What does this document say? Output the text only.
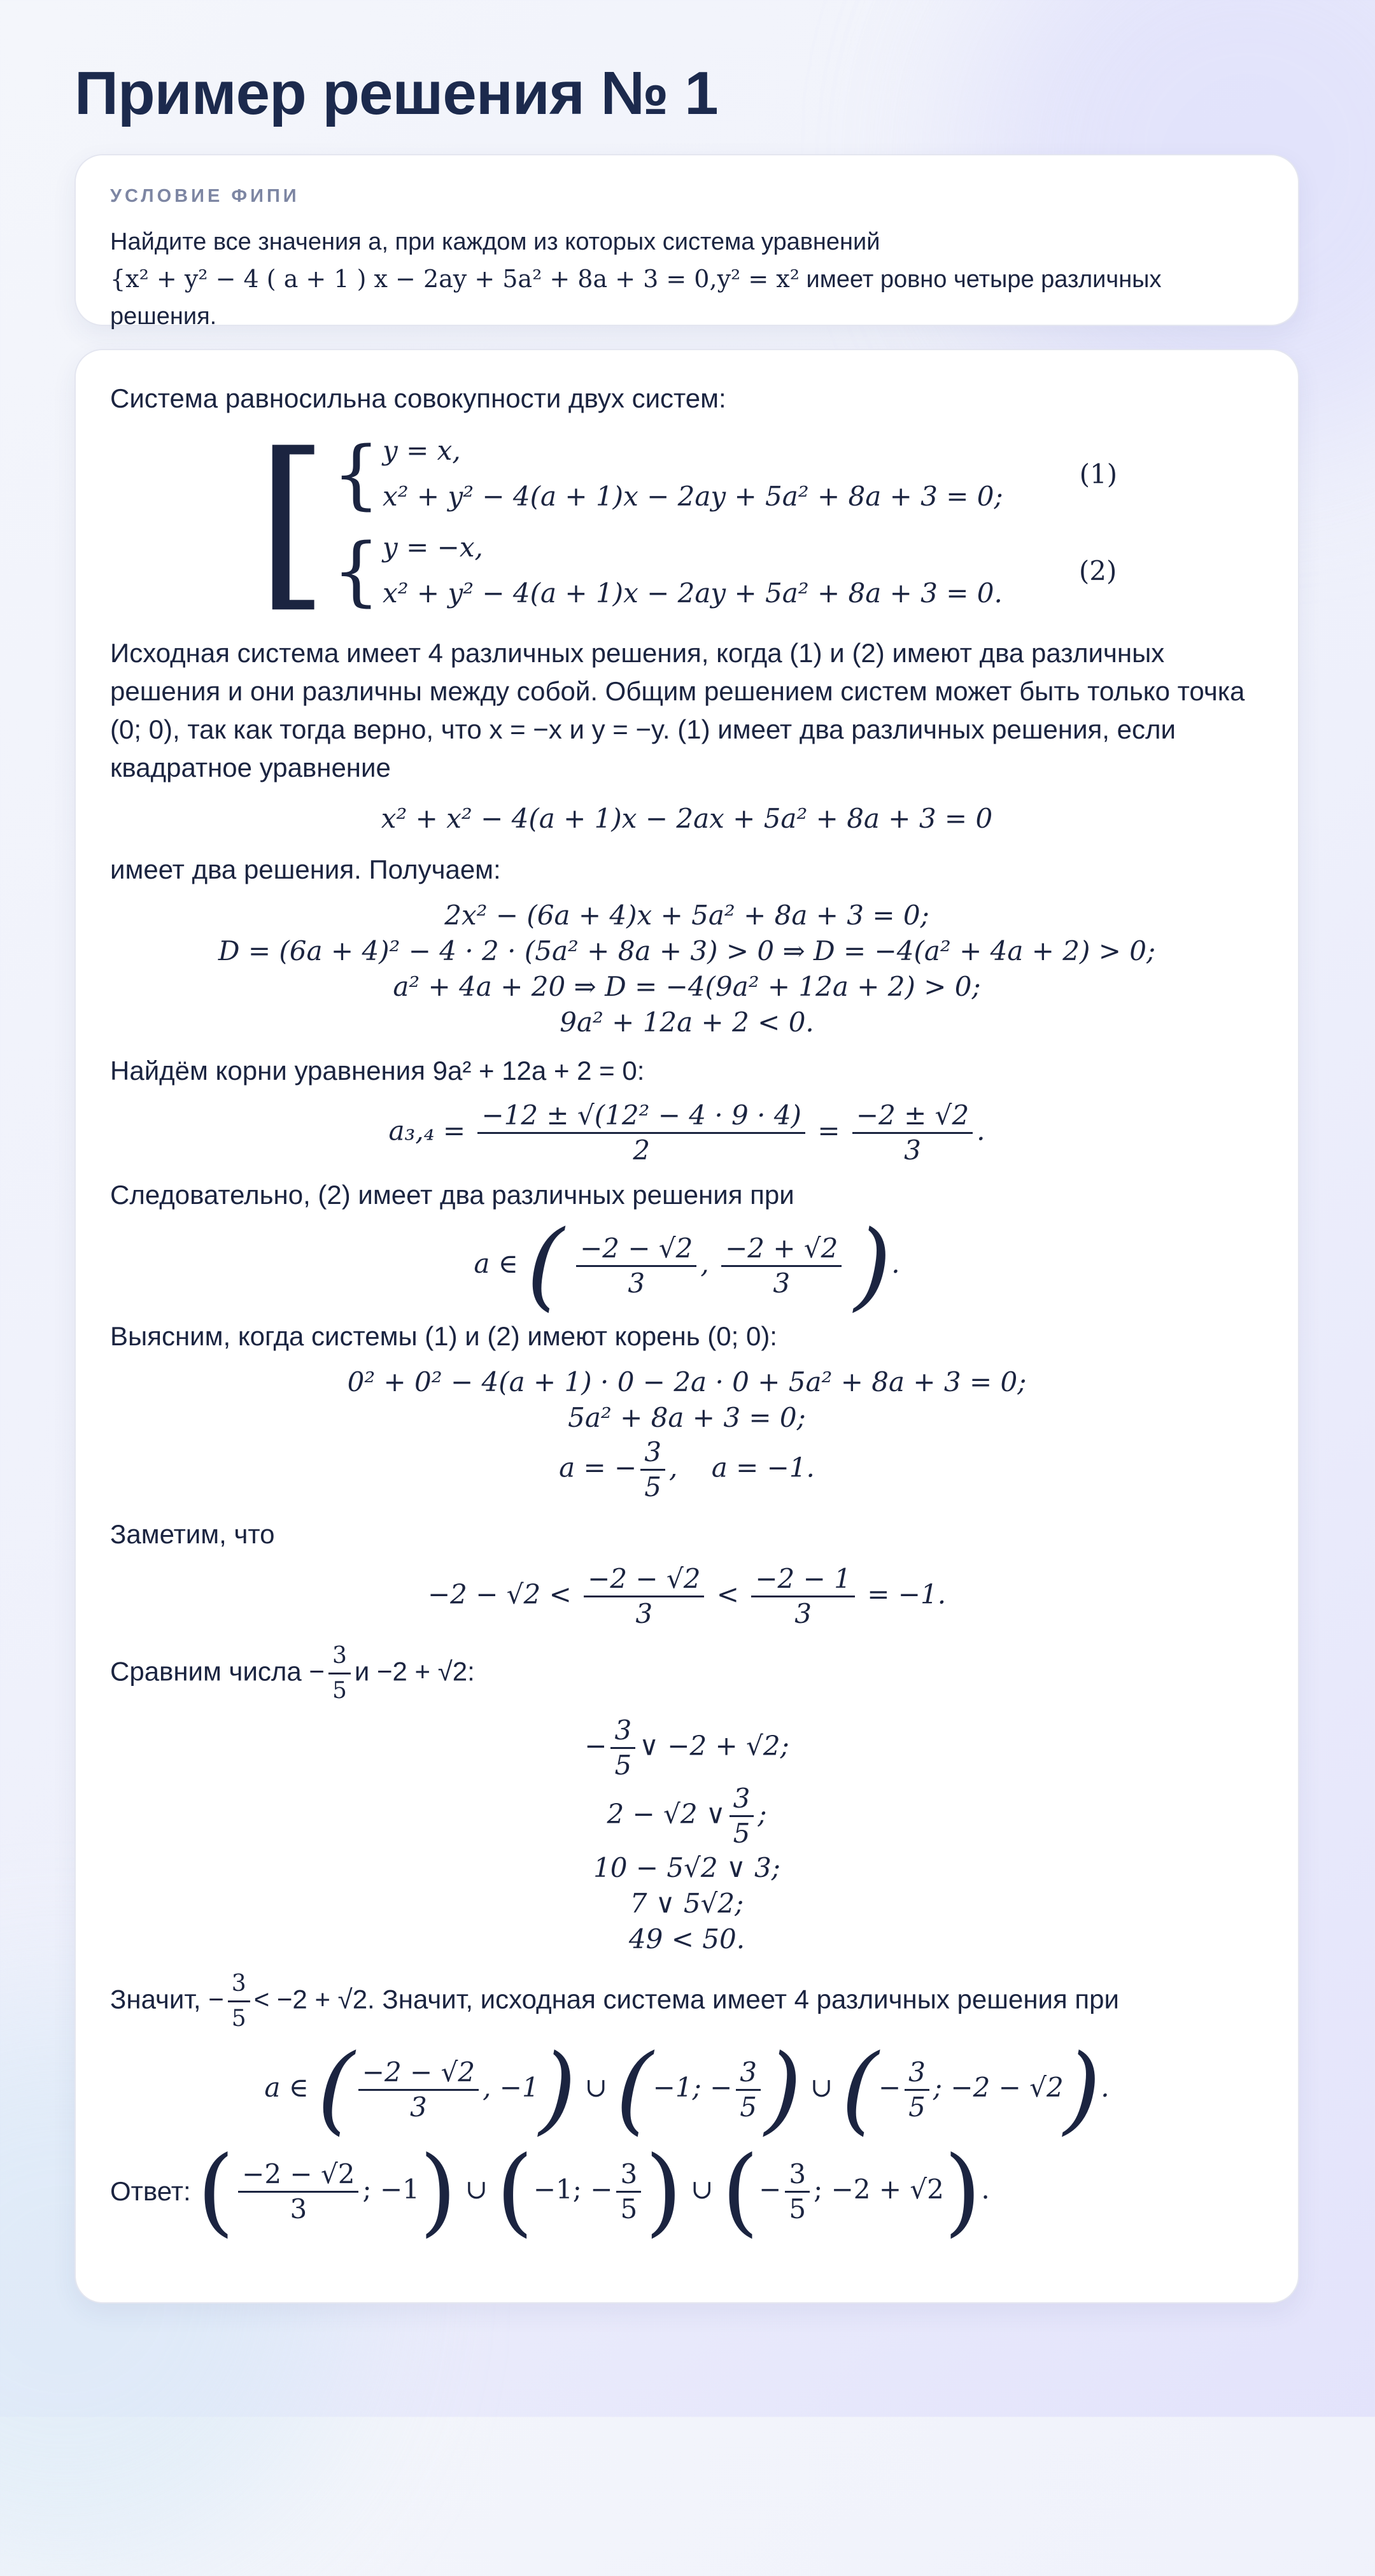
Пример решения № 1
УСЛОВИЕ ФИПИ
Найдите все значения a, при каждом из которых система уравнений
{x² + y² − 4 ( a + 1 ) x − 2ay + 5a² + 8a + 3 = 0,y² = x² имеет ровно четыре различных решения.
Система равносильна совокупности двух систем:
[ { y = x,
x² + y² − 4(a + 1)x − 2ay + 5a² + 8a + 3 = 0;
(1)
{ y = −x,
x² + y² − 4(a + 1)x − 2ay + 5a² + 8a + 3 = 0.
(2)
Исходная система имеет 4 различных решения, когда (1) и (2) имеют два различных решения и они различны между собой. Общим решением систем может быть только точка (0; 0), так как тогда верно, что x = −x и y = −y. (1) имеет два различных решения, если квадратное уравнение
x² + x² − 4(a + 1)x − 2ax + 5a² + 8a + 3 = 0
имеет два решения. Получаем:
2x² − (6a + 4)x + 5a² + 8a + 3 = 0;
D = (6a + 4)² − 4 · 2 · (5a² + 8a + 3) > 0 ⇒ D = −4(a² + 4a + 2) > 0;
a² + 4a + 20 ⇒ D = −4(9a² + 12a + 2) > 0;
9a² + 12a + 2 < 0.
Найдём корни уравнения 9a² + 12a + 2 = 0:
$a_3,_4 = \frac{\text{−12 ± √(12² − 4 · 9 · 4)}}{2} = \frac{-2 \pm √2}{3}$ .
Следовательно, (2) имеет два различных решения при
a ∈ ( $\frac{-2 - √2}{3}$ , $\frac{-2 + √2}{3}$ ).
Выясним, когда системы (1) и (2) имеют корень (0; 0):
0² + 0² − 4(a + 1) · 0 − 2a · 0 + 5a² + 8a + 3 = 0;
5a² + 8a + 3 = 0;
a = − $\frac{3}{5}$ ,    a = −1.
Заметим, что
$-2 - √2 < \frac{-2 - √2}{3} < \frac{-2 - 1}{3} = -1$.
Сравним числа − $\frac{3}{5}$ и −2 + √2:
− $\frac{3}{5}$ ∨ −2 + √2;
2 − √2 ∨ $\frac{3}{5}$ ;
10 − 5√2 ∨ 3;
7 ∨ 5√2;
49 < 50.
Значит, − $\frac{3}{5} < -2 + √2$. Значит, исходная система имеет 4 различных решения при
a ∈ ( $\frac{-2 - √2}{3}$ , −1) ∪ (−1; − $\frac{3}{5}$ ) ∪ (− $\frac{3}{5}$ ; −2 − √2).
Ответ: ( $\frac{-2 - √2}{3}$ ; −1) ∪ (−1; − $\frac{3}{5}$ ) ∪ (− $\frac{3}{5}$ ; −2 + √2).
